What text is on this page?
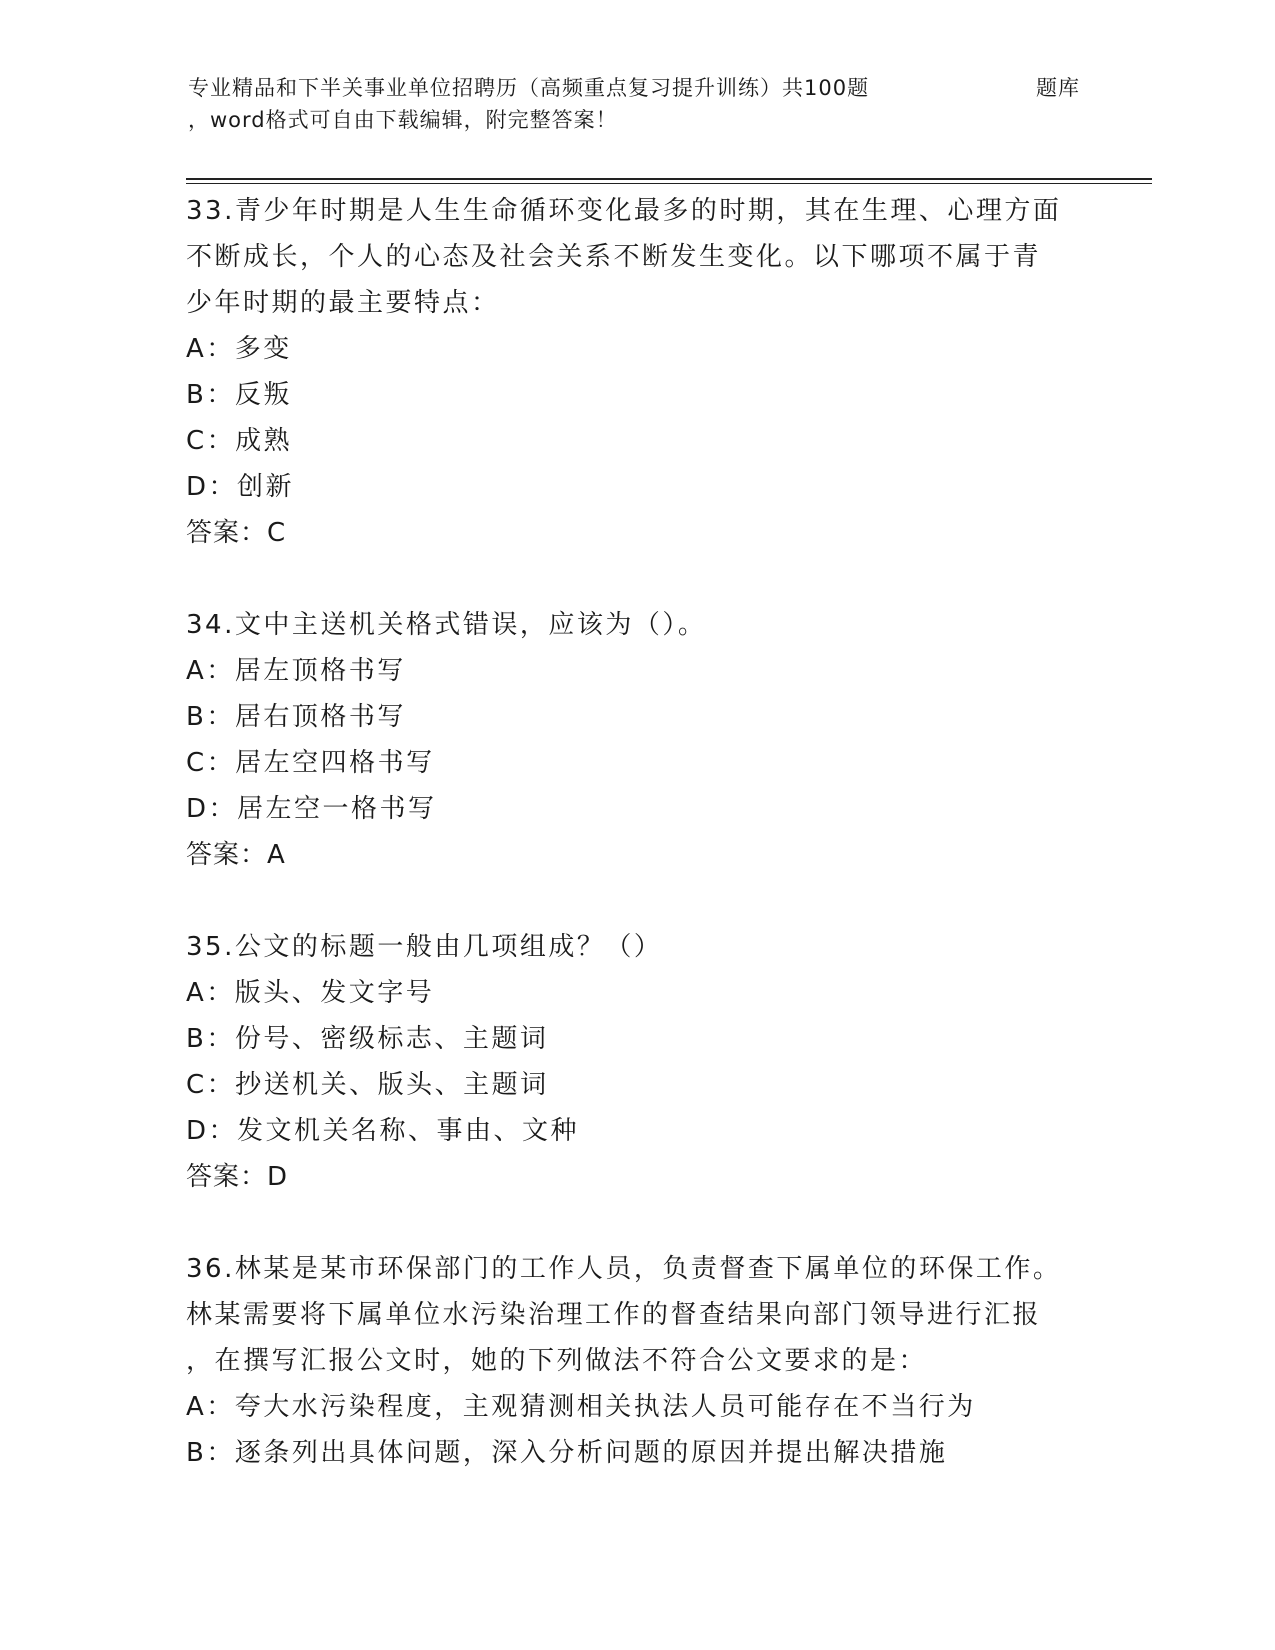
专业精品和下半关事业单位招聘历（高频重点复习提升训练）共100题	题库
，word格式可自由下载编辑，附完整答案！

33.青少年时期是人生生命循环变化最多的时期，其在生理、心理方面

不断成长，个人的心态及社会关系不断发生变化。以下哪项不属于青

少年时期的最主要特点：

A：多变

B：反叛

C：成熟

D：创新

答案：C

34.文中主送机关格式错误，应该为（）。

A：居左顶格书写

B：居右顶格书写

C：居左空四格书写

D：居左空一格书写

答案：A

35.公文的标题一般由几项组成？（）

A：版头、发文字号

B：份号、密级标志、主题词

C：抄送机关、版头、主题词

D：发文机关名称、事由、文种

答案：D

36.林某是某市环保部门的工作人员，负责督查下属单位的环保工作。

林某需要将下属单位水污染治理工作的督查结果向部门领导进行汇报

，在撰写汇报公文时，她的下列做法不符合公文要求的是：

A：夸大水污染程度，主观猜测相关执法人员可能存在不当行为

B：逐条列出具体问题，深入分析问题的原因并提出解决措施
